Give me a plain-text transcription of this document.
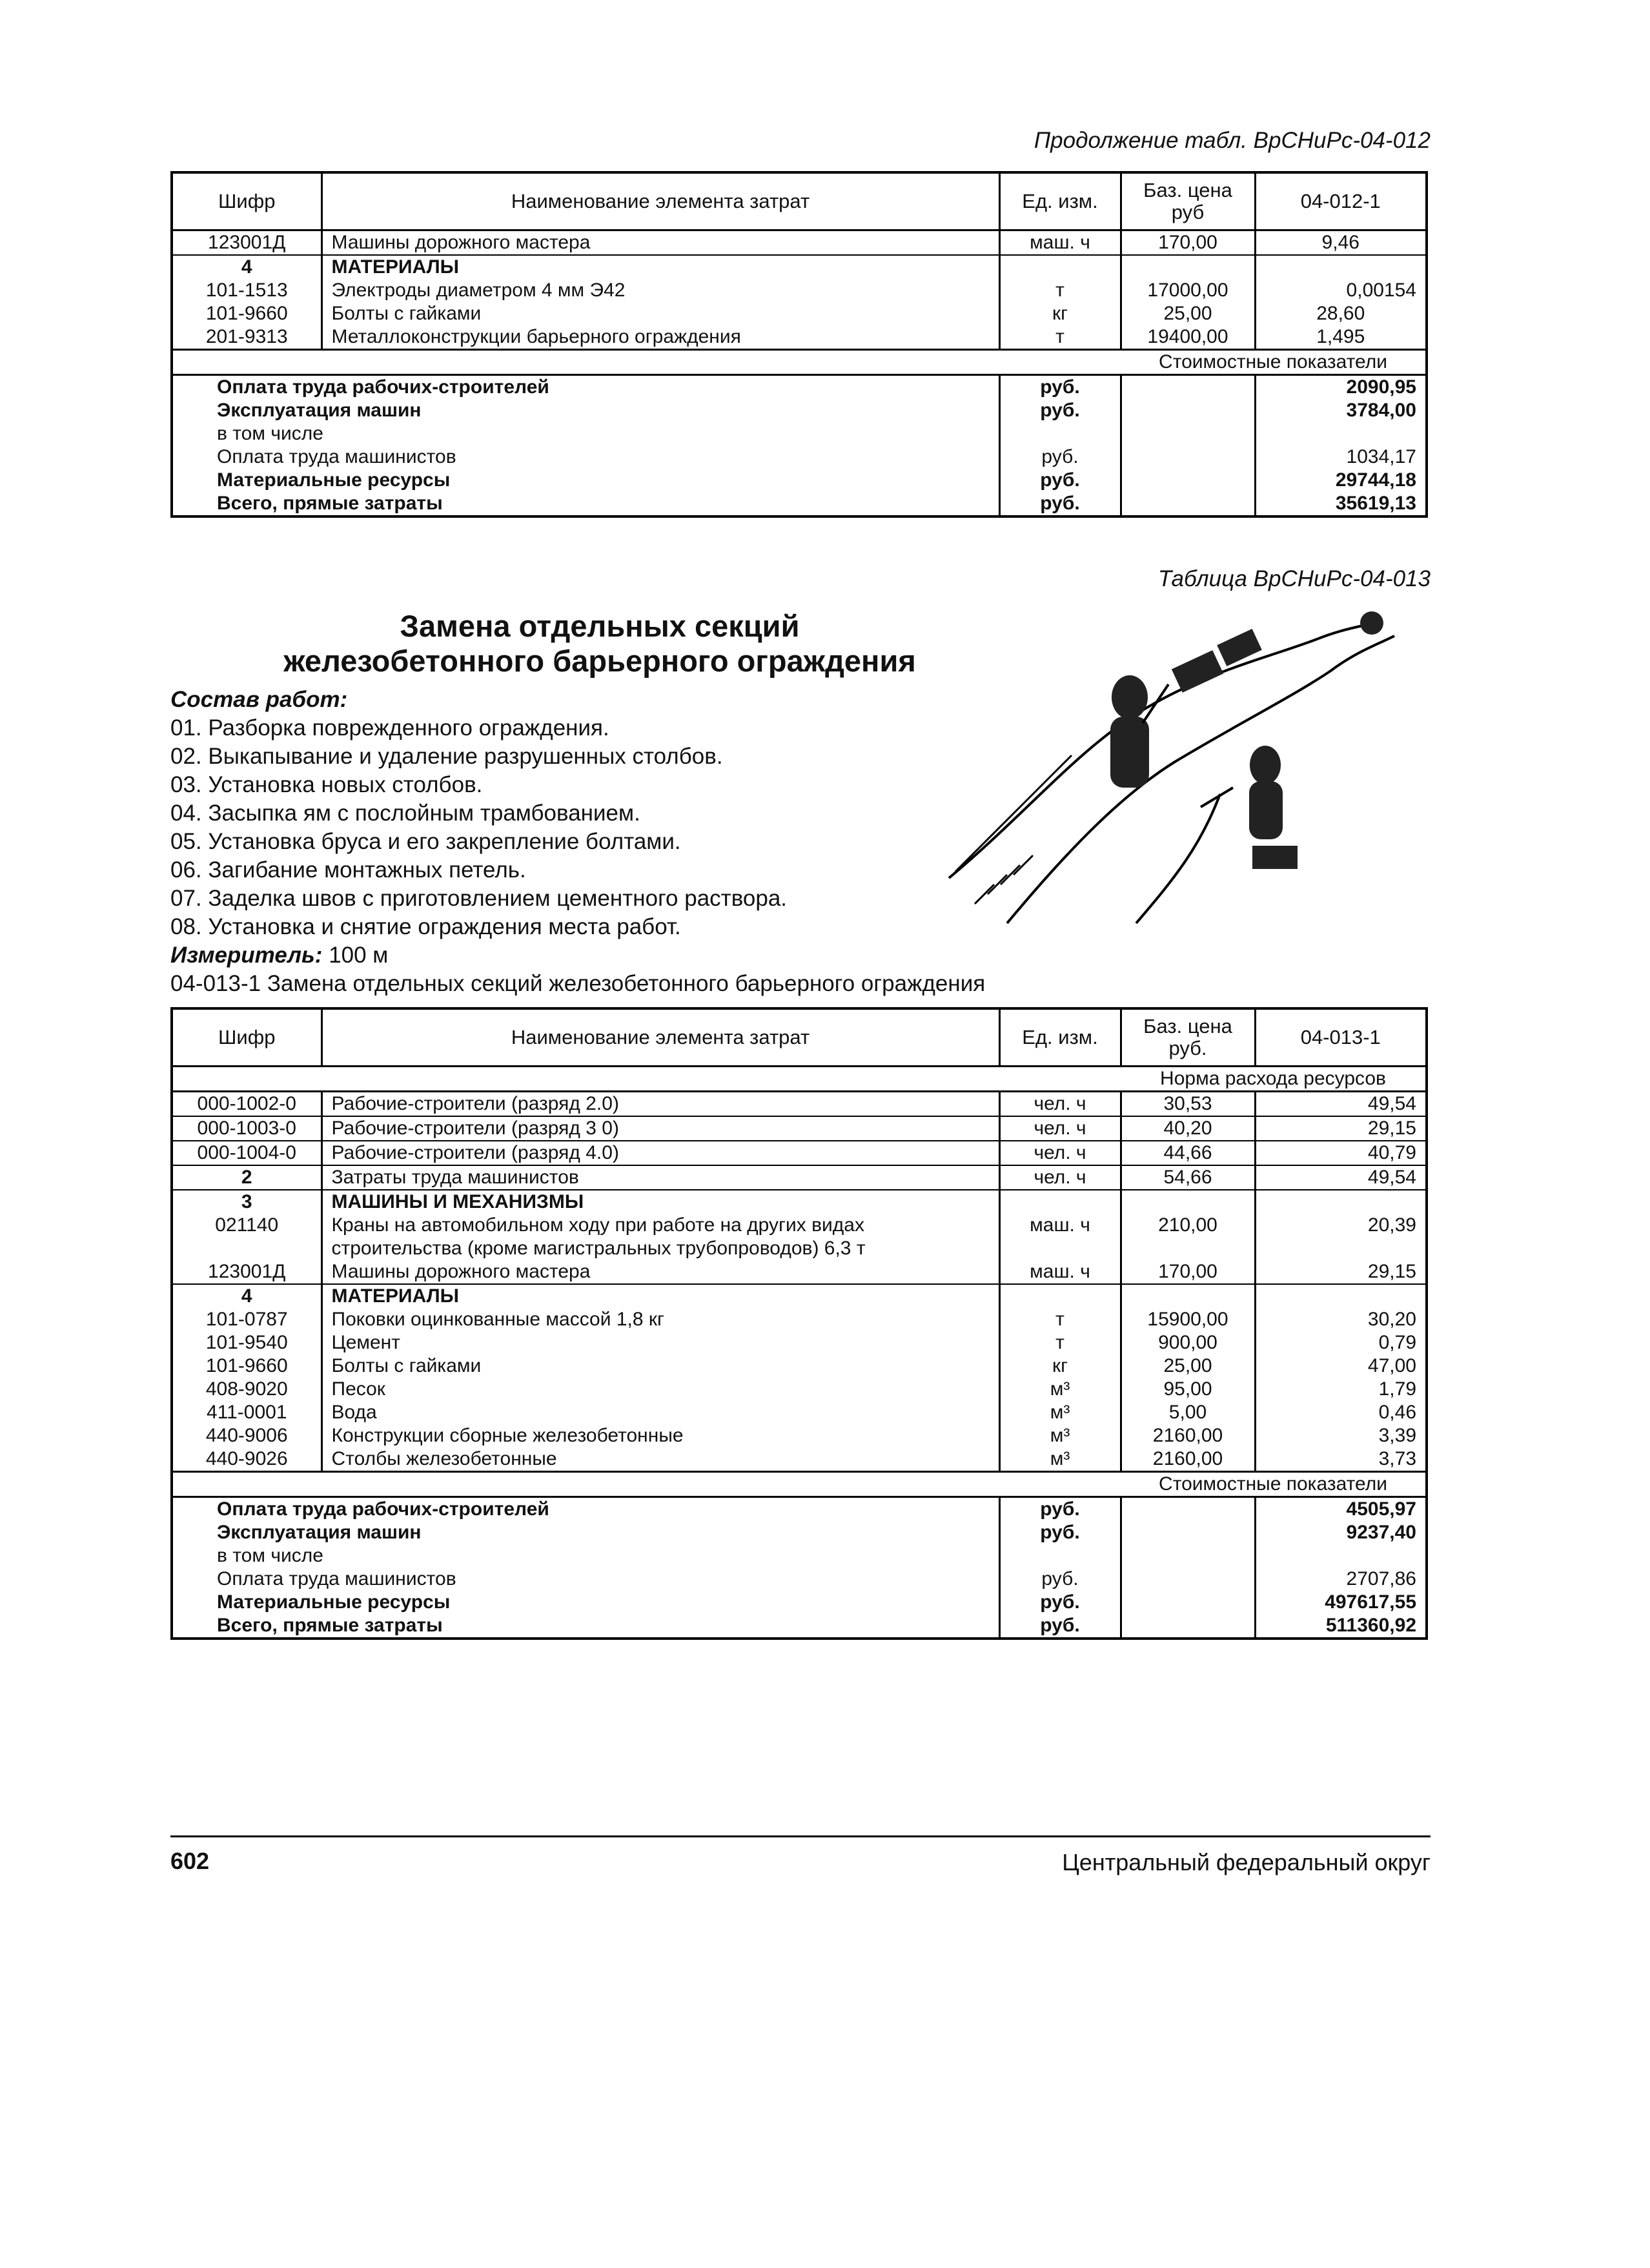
Продолжение табл. ВрСНиРс-04-012
Шифр	Наименование элемента затрат	Ед. изм.	Баз. цена руб	04-012-1
123001Д	Машины дорожного мастера	маш. ч	170,00	9,46
4	МАТЕРИАЛЫ			
101-1513	Электроды диаметром 4 мм Э42	т	17000,00	0,00154
101-9660	Болты с гайками	кг	25,00	28,60
201-9313	Металлоконструкции барьерного ограждения	т	19400,00	1,495
			Стоимостные показатели	
Оплата труда рабочих-строителей		руб.		2090,95
Эксплуатация машин		руб.		3784,00
в том числе				
Оплата труда машинистов		руб.		1034,17
Материальные ресурсы		руб.		29744,18
Всего, прямые затраты		руб.		35619,13
Таблица ВрСНиРс-04-013
Замена отдельных секций
железобетонного барьерного ограждения
Состав работ:
01. Разборка поврежденного ограждения.
02. Выкапывание и удаление разрушенных столбов.
03. Установка новых столбов.
04. Засыпка ям с послойным трамбованием.
05. Установка бруса и его закрепление болтами.
06. Загибание монтажных петель.
07. Заделка швов с приготовлением цементного раствора.
08. Установка и снятие ограждения места работ.
Измеритель: 100 м
04-013-1 Замена отдельных секций железобетонного барьерного ограждения
Шифр	Наименование элемента затрат	Ед. изм.	Баз. цена руб.	04-013-1
			Норма расхода ресурсов	
000-1002-0	Рабочие-строители (разряд 2.0)	чел. ч	30,53	49,54
000-1003-0	Рабочие-строители (разряд 3 0)	чел. ч	40,20	29,15
000-1004-0	Рабочие-строители (разряд 4.0)	чел. ч	44,66	40,79
2	Затраты труда машинистов	чел. ч	54,66	49,54
3	МАШИНЫ И МЕХАНИЗМЫ			
021140	Краны на автомобильном ходу при работе на других видах	маш. ч	210,00	20,39
	строительства (кроме магистральных трубопроводов) 6,3 т			
123001Д	Машины дорожного мастера	маш. ч	170,00	29,15
4	МАТЕРИАЛЫ			
101-0787	Поковки оцинкованные массой 1,8 кг	т	15900,00	30,20
101-9540	Цемент	т	900,00	0,79
101-9660	Болты с гайками	кг	25,00	47,00
408-9020	Песок	м³	95,00	1,79
411-0001	Вода	м³	5,00	0,46
440-9006	Конструкции сборные железобетонные	м³	2160,00	3,39
440-9026	Столбы железобетонные	м³	2160,00	3,73
			Стоимостные показатели	
Оплата труда рабочих-строителей		руб.		4505,97
Эксплуатация машин		руб.		9237,40
в том числе				
Оплата труда машинистов		руб.		2707,86
Материальные ресурсы		руб.		497617,55
Всего, прямые затраты		руб.		511360,92
602	Центральный федеральный округ
